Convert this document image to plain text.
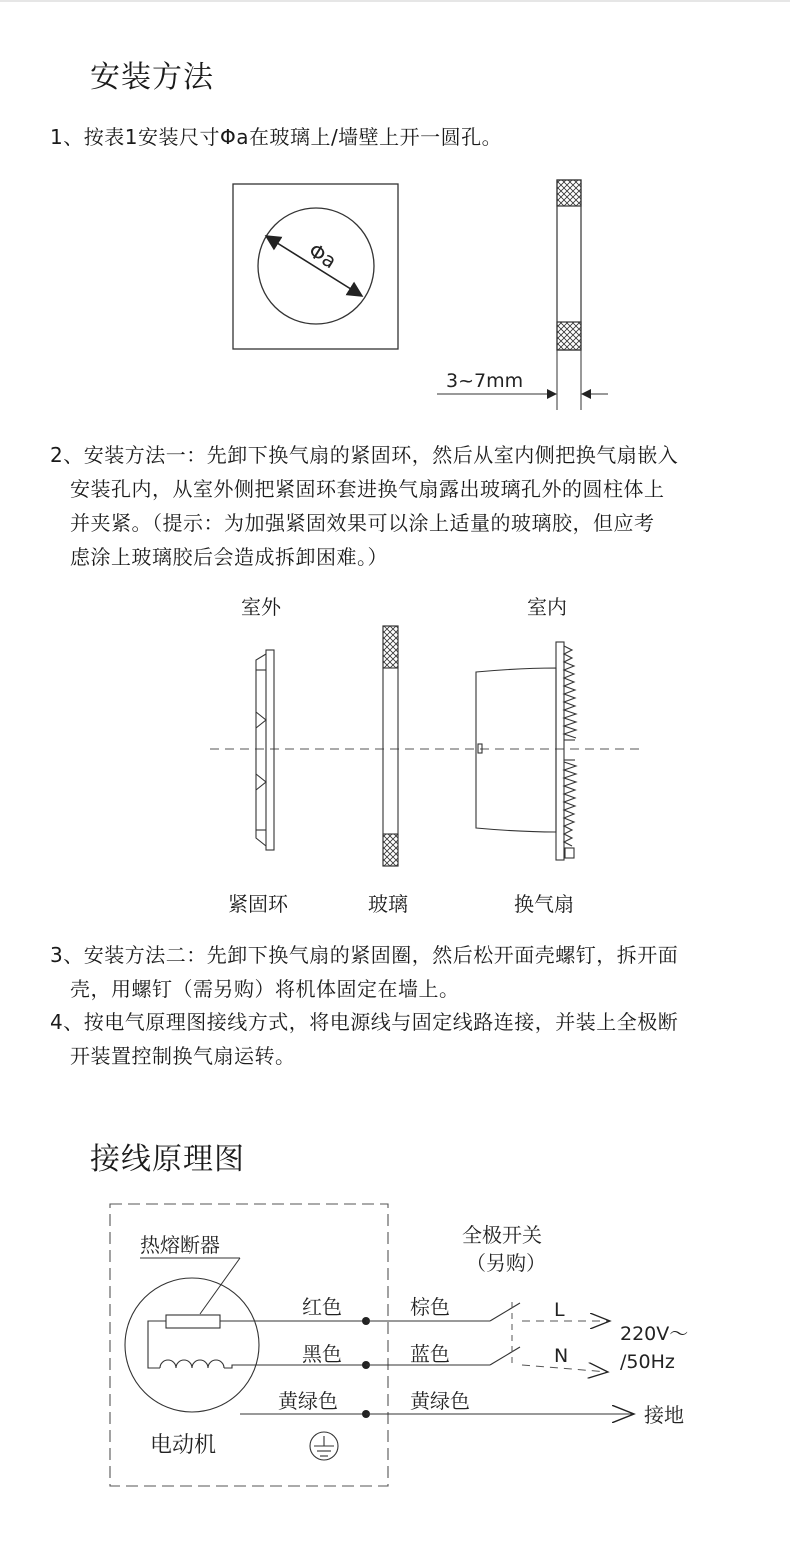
安装方法
1、按表1安装尺寸Φa在玻璃上/墙壁上开一圆孔。
Φa
3~7mm
2、安装方法一：先卸下换气扇的紧固环，然后从室内侧把换气扇嵌入
安装孔内，从室外侧把紧固环套进换气扇露出玻璃孔外的圆柱体上
并夹紧。（提示：为加强紧固效果可以涂上适量的玻璃胶，但应考
虑涂上玻璃胶后会造成拆卸困难。）
室外	室内
紧固环	玻璃	换气扇
3、安装方法二：先卸下换气扇的紧固圈，然后松开面壳螺钉，拆开面
壳，用螺钉（需另购）将机体固定在墙上。
4、按电气原理图接线方式，将电源线与固定线路连接，并装上全极断
开装置控制换气扇运转。
接线原理图
热熔断器
红色
黑色
黄绿色
棕色
蓝色
黄绿色
全极开关
（另购）
L
N
220V～
/50Hz
接地
电动机
